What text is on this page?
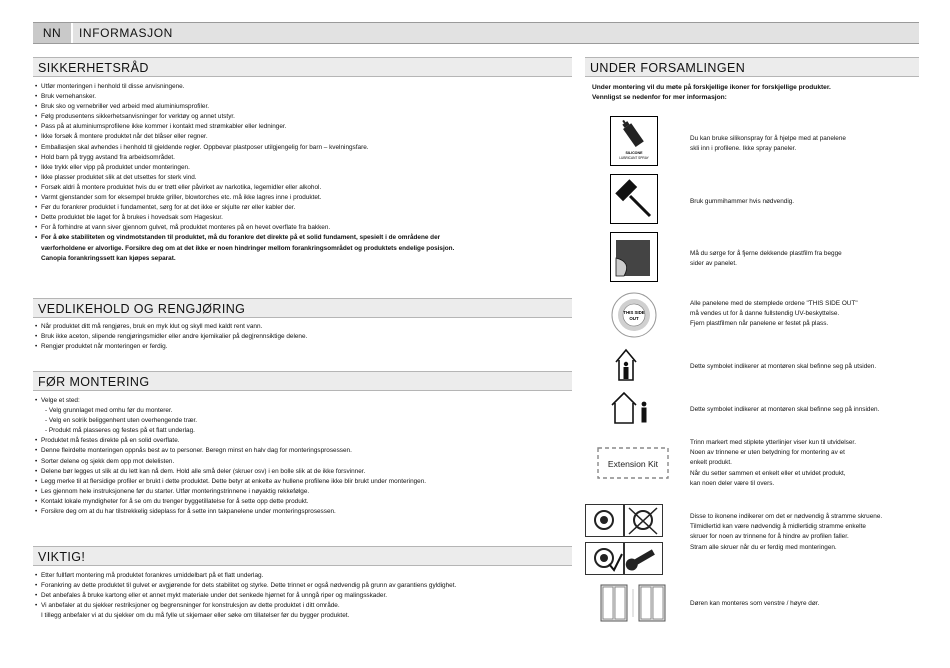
NN	INFORMASJON
SIKKERHETSRÅD
• Utfør monteringen i henhold til disse anvisningene.
• Bruk vernehansker.
• Bruk sko og vernebriller ved arbeid med aluminiumsprofiler.
• Følg produsentens sikkerhetsanvisninger for verktøy og annet utstyr.
• Pass på at aluminiumsprofilene ikke kommer i kontakt med strømkabler eller ledninger.
• Ikke forsøk å montere produktet når det blåser eller regner.
• Emballasjen skal avhendes i henhold til gjeldende regler. Oppbevar plastposer utilgjengelig for barn – kvelningsfare.
• Hold barn på trygg avstand fra arbeidsområdet.
• Ikke trykk eller vipp på produktet under monteringen.
• Ikke plasser produktet slik at det utsettes for sterk vind.
• Forsøk aldri å montere produktet hvis du er trøtt eller påvirket av narkotika, legemidler eller alkohol.
• Varmt gjenstander som for eksempel brukte griller, blowtorches etc. må ikke lagres inne i produktet.
• Før du forankrer produktet i fundamentet, sørg for at det ikke er skjulte rør eller kabler der.
• Dette produktet ble laget for å brukes i hovedsak som Hageskur.
• For å forhindre at vann siver gjennom gulvet, må produktet monteres på en hevet overflate fra bakken.
• For å øke stabiliteten og vindmotstanden til produktet, må du forankre det direkte på et solid fundament, spesielt i de områdene der
værforholdene er alvorlige. Forsikre deg om at det ikke er noen hindringer mellom forankringsområdet og produktets endelige posisjon.
Canopia forankringssett kan kjøpes separat.
VEDLIKEHOLD OG RENGJØRING
• Når produktet ditt må rengjøres, bruk en myk klut og skyll med kaldt rent vann.
• Bruk ikke aceton, slipende rengjøringsmidler eller andre kjemikalier på deg|rennsiktige delene.
• Rengjør produktet når monteringen er ferdig.
FØR MONTERING
• Velge et sted:
- Velg grunnlaget med omhu før du monterer.
- Velg en solrik beliggenhent uten overhengende trær.
- Produkt må plasseres og festes på et flatt underlag.
• Produktet må festes direkte på en solid overflate.
• Denne fleirdelte monteringen oppnås best av to personer. Beregn minst en halv dag for monteringsprosessen.
• Sorter delene og sjekk dem opp mot delelisten.
• Delene bør legges ut slik at du lett kan nå dem. Hold alle små deler (skruer osv) i en bolle slik at de ikke forsvinner.
• Legg merke til at flersidige profiler er brukt i dette produktet. Dette betyr at enkelte av hullene profilene ikke blir brukt under monteringen.
• Les gjennom hele instruksjonene før du starter. Utfør monteringstrinnene i nøyaktig rekkefølge.
• Kontakt lokale myndigheter for å se om du trenger byggetillatelse for å sette opp dette produkt.
• Forsikre deg om at du har tilstrekkelig sideplass for å sette inn takpanelene under monteringsprosessen.
VIKTIG!
• Etter fullført montering må produktet forankres umiddelbart på et flatt underlag.
• Forankring av dette produktet til gulvet er avgjørende for dets stabilitet og styrke. Dette trinnet er også nødvendig på grunn av garantiens gyldighet.
• Det anbefales å bruke kartong eller et annet mykt materiale under det senkede hjørnet for å unngå riper og malingsskader.
• Vi anbefaler at du sjekker restriksjoner og begrensninger for konstruksjon av dette produktet i ditt område.
I tillegg anbefaler vi at du sjekker om du må fylle ut skjemaer eller søke om tillatelser før du bygger produktet.
UNDER FORSAMLINGEN
Under montering vil du møte på forskjellige ikoner for forskjellige produkter.
Vennligst se nedenfor for mer informasjon:
SILICONE
LUBRICANT SPRAY
Du kan bruke silikonspray for å hjelpe med at panelene
skli inn i profilene. Ikke spray paneler.
Bruk gummihammer hvis nødvendig.
Må du sørge for å fjerne dekkende plastfilm fra begge
sider av panelet.
THIS SIDE
OUT
Alle panelene med de stemplede ordene "THIS SIDE OUT"
må vendes ut for å danne fullstendig UV-beskyttelse.
Fjern plastfilmen når panelene er festet på plass.
Dette symbolet indikerer at montøren skal befinne seg på utsiden.
Dette symbolet indikerer at montøren skal befinne seg på innsiden.
Extension Kit
Trinn markert med stiplete ytterlinjer viser kun til utvidelser.
Noen av trinnene er uten betydning for montering av et
enkelt produkt.
Når du setter sammen et enkelt eller et utvidet produkt,
kan noen deler være til overs.
Disse to ikonene indikerer om det er nødvendig å stramme skruene.
Tilmidlertid kan være nødvendig å midlertidig stramme enkelte
skruer for noen av trinnene for å hindre av profilen faller.
Stram alle skruer når du er ferdig med monteringen.
Døren kan monteres som venstre / høyre dør.
